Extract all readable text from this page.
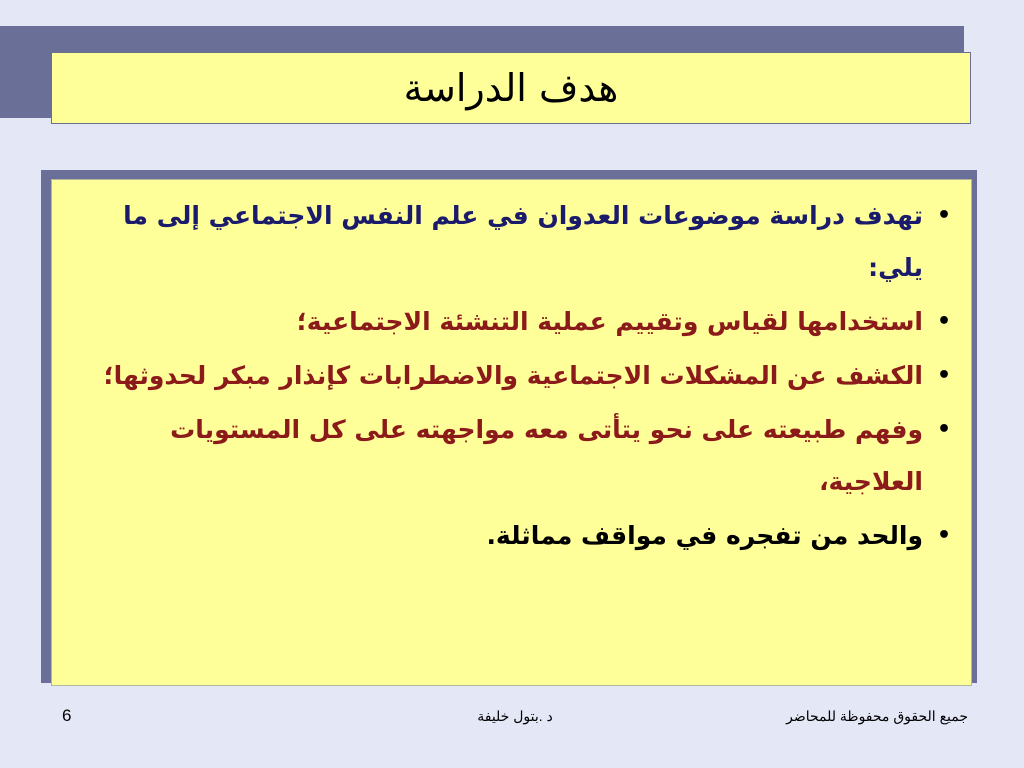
هدف الدراسة
•
تهدف دراسة موضوعات العدوان في علم النفس الاجتماعي إلى ما يلي:
•
استخدامها لقياس وتقييم عملية التنشئة الاجتماعية؛
•
الكشف عن المشكلات الاجتماعية والاضطرابات كإنذار مبكر لحدوثها؛
•
وفهم طبيعته على نحو يتأتى معه مواجهته على كل المستويات العلاجية،
•
والحد من تفجره في مواقف مماثلة.
جميع الحقوق محفوظة للمحاضر
د .بتول خليفة
6
